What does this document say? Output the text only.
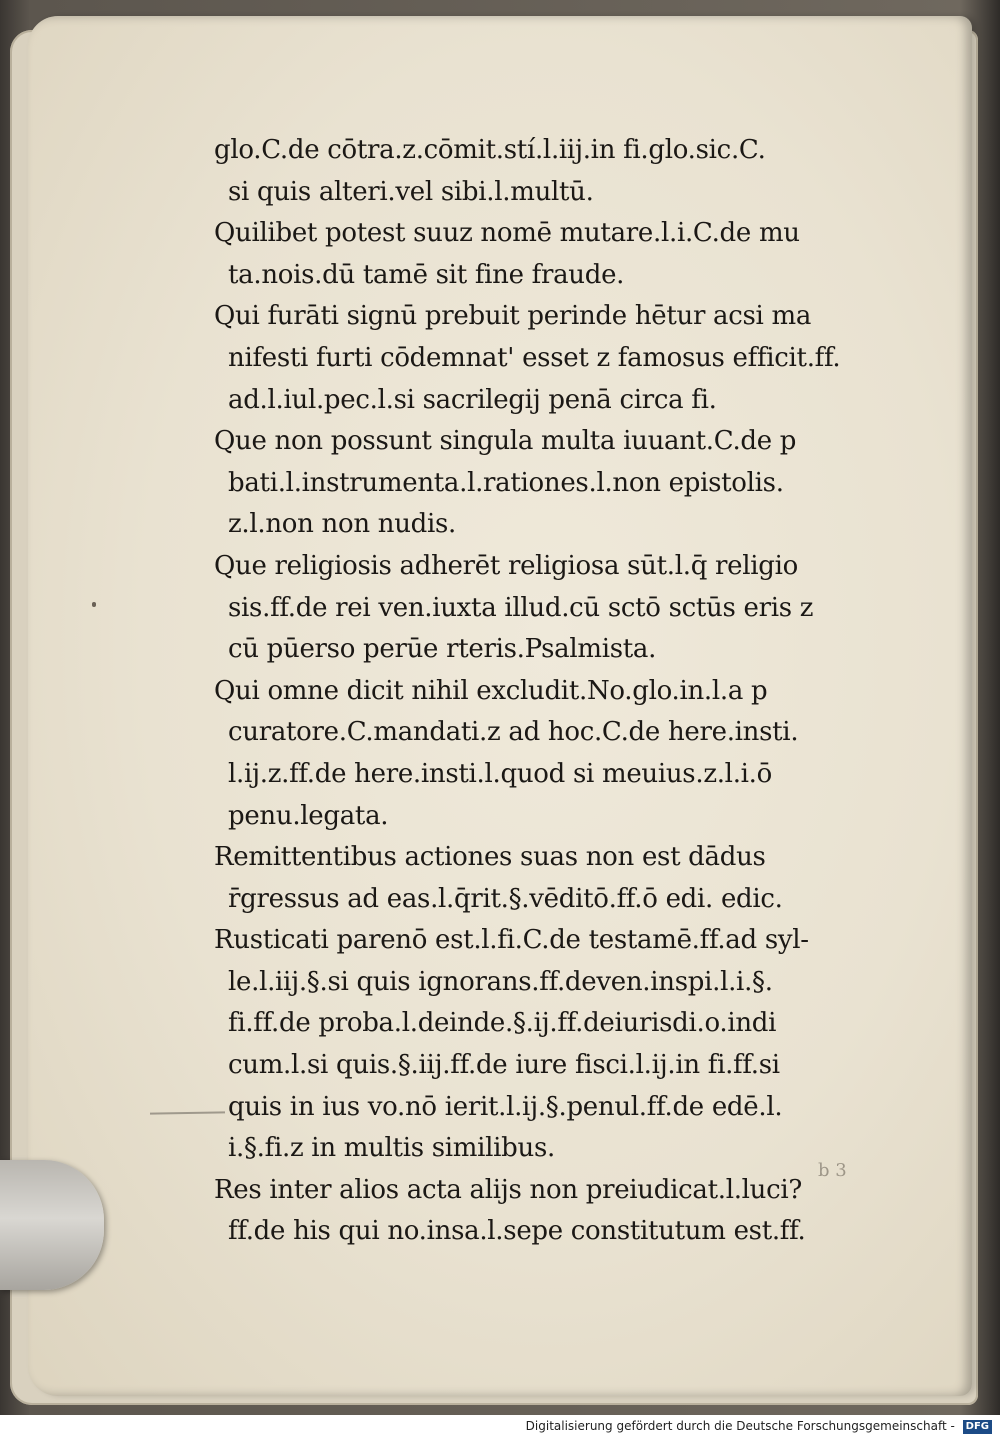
glo.C.de cōtra.z.cōmit.stí.l.iij.in fi.glo.sic.C.
si quis alteri.vel sibi.l.multū.
Quilibet potest suuz nomē mutare.l.i.C.de mu
ta.nois.dū tamē sit fine fraude.
Qui furāti signū prebuit perinde hētur acsi ma
nifesti furti cōdemnat' esset z famosus efficit.ff.
ad.l.iul.pec.l.si sacrilegij penā circa fi.
Que non possunt singula multa iuuant.C.de p
bati.l.instrumenta.l.rationes.l.non epistolis.
z.l.non non nudis.
Que religiosis adherēt religiosa sūt.l.q̄ religio
sis.ff.de rei ven.iuxta illud.cū sctō sctūs eris z
cū pūerso perūe rteris.Psalmista.
Qui omne dicit nihil excludit.No.glo.in.l.a p
curatore.C.mandati.z ad hoc.C.de here.insti.
l.ij.z.ff.de here.insti.l.quod si meuius.z.l.i.ō
penu.legata.
Remittentibus actiones suas non est dādus
r̄gressus ad eas.l.q̄rit.§.vēditō.ff.ō edi. edic.
Rusticati parenō est.l.fi.C.de testamē.ff.ad syl-
le.l.iij.§.si quis ignorans.ff.deven.inspi.l.i.§.
fi.ff.de proba.l.deinde.§.ij.ff.deiurisdi.o.indi
cum.l.si quis.§.iij.ff.de iure fisci.l.ij.in fi.ff.si
quis in ius vo.nō ierit.l.ij.§.penul.ff.de edē.l.
i.§.fi.z in multis similibus.
Res inter alios acta alijs non preiudicat.l.luci?
ff.de his qui no.insa.l.sepe constitutum est.ff.
b 3
Digitalisierung gefördert durch die Deutsche Forschungsgemeinschaft - DFG
